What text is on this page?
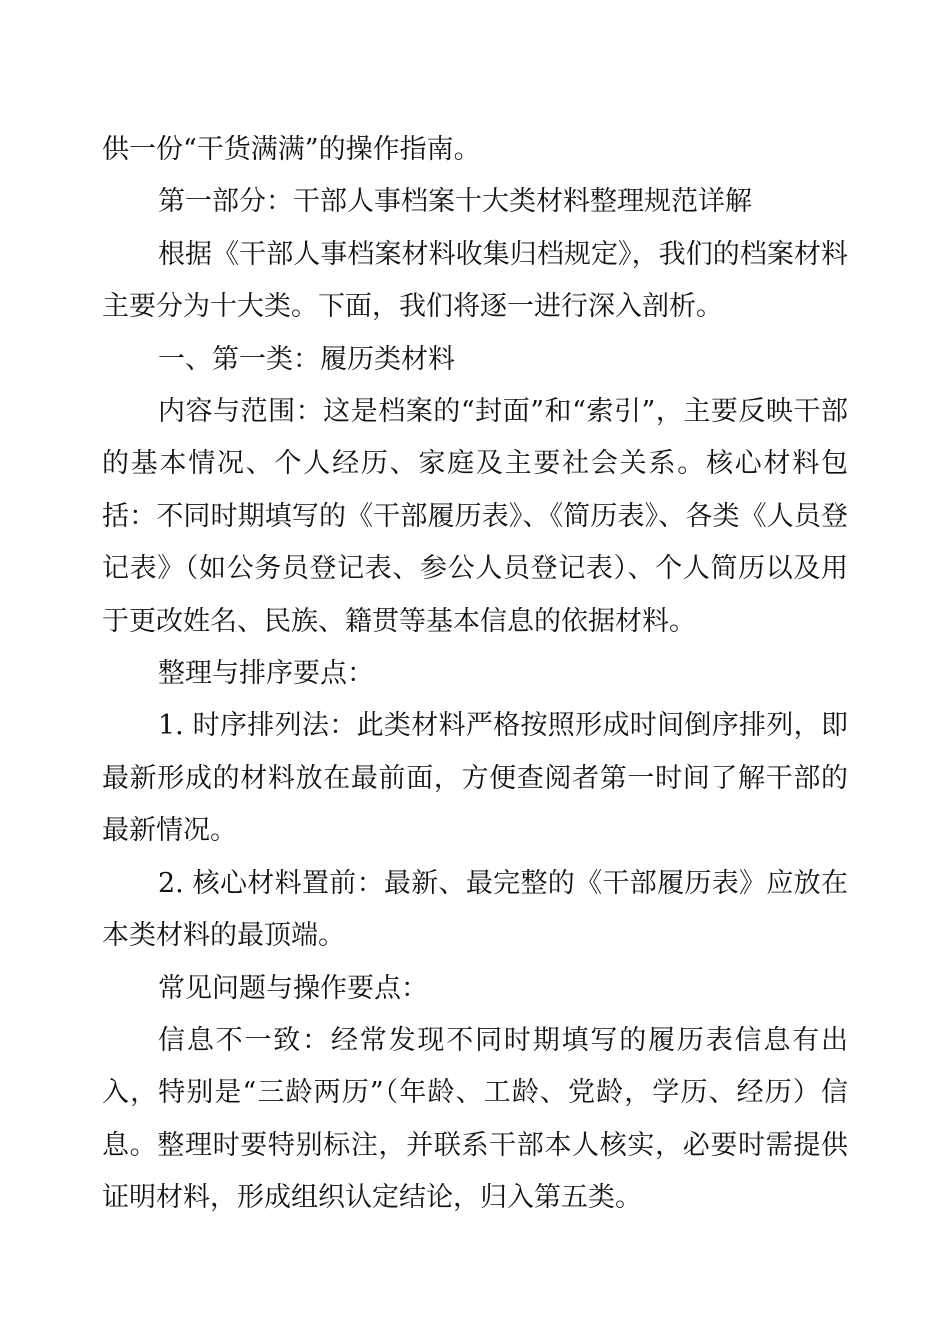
供一份“干货满满”的操作指南。

第一部分：干部人事档案十大类材料整理规范详解

根据《干部人事档案材料收集归档规定》，我们的档案材料主要分为十大类。下面，我们将逐一进行深入剖析。

一、第一类：履历类材料

内容与范围：这是档案的“封面”和“索引”，主要反映干部的基本情况、个人经历、家庭及主要社会关系。核心材料包括：不同时期填写的《干部履历表》、《简历表》、各类《人员登记表》（如公务员登记表、参公人员登记表）、个人简历以及用于更改姓名、民族、籍贯等基本信息的依据材料。

整理与排序要点：

1. 时序排列法：此类材料严格按照形成时间倒序排列，即最新形成的材料放在最前面，方便查阅者第一时间了解干部的最新情况。

2. 核心材料置前：最新、最完整的《干部履历表》应放在本类材料的最顶端。

常见问题与操作要点：

信息不一致：经常发现不同时期填写的履历表信息有出入，特别是“三龄两历”（年龄、工龄、党龄，学历、经历）信息。整理时要特别标注，并联系干部本人核实，必要时需提供证明材料，形成组织认定结论，归入第五类。
